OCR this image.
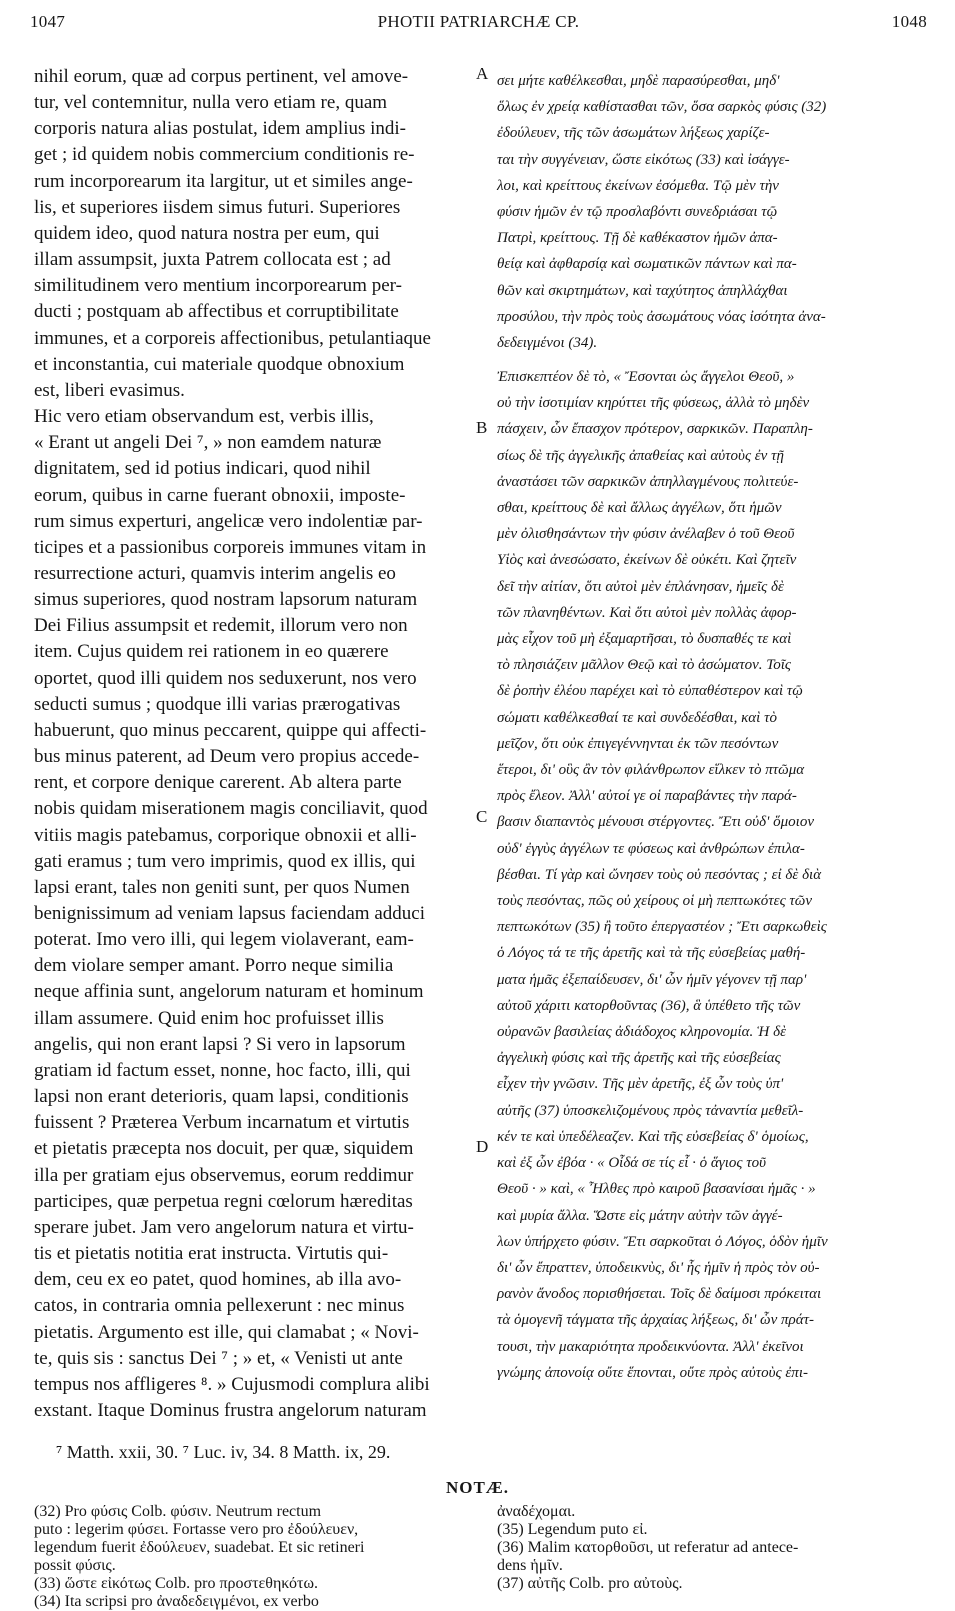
1047	PHOTII PATRIARCHÆ CP.	1048
nihil eorum, quæ ad corpus pertinent, vel amove-
tur, vel contemnitur, nulla vero etiam re, quam
corporis natura alias postulat, idem amplius indi-
get ; id quidem nobis commercium conditionis re-
rum incorporearum ita largitur, ut et similes ange-
lis, et superiores iisdem simus futuri. Superiores
quidem ideo, quod natura nostra per eum, qui
illam assumpsit, juxta Patrem collocata est ; ad
similitudinem vero mentium incorporearum per-
ducti ; postquam ab affectibus et corruptibilitate
immunes, et a corporeis affectionibus, petulantiaque
et inconstantia, cui materiale quodque obnoxium
est, liberi evasimus.
Hic vero etiam observandum est, verbis illis,
« Erant ut angeli Dei ⁷, » non eamdem naturæ
dignitatem, sed id potius indicari, quod nihil
eorum, quibus in carne fuerant obnoxii, imposte-
rum simus experturi, angelicæ vero indolentiæ par-
ticipes et a passionibus corporeis immunes vitam in
resurrectione acturi, quamvis interim angelis eo
simus superiores, quod nostram lapsorum naturam
Dei Filius assumpsit et redemit, illorum vero non
item. Cujus quidem rei rationem in eo quærere
oportet, quod illi quidem nos seduxerunt, nos vero
seducti sumus ; quodque illi varias prærogativas
habuerunt, quo minus peccarent, quippe qui affecti-
bus minus paterent, ad Deum vero propius accede-
rent, et corpore denique carerent. Ab altera parte
nobis quidam miserationem magis conciliavit, quod
vitiis magis patebamus, corporique obnoxii et alli-
gati eramus ; tum vero imprimis, quod ex illis, qui
lapsi erant, tales non geniti sunt, per quos Numen
benignissimum ad veniam lapsus faciendam adduci
poterat. Imo vero illi, qui legem violaverant, eam-
dem violare semper amant. Porro neque similia
neque affinia sunt, angelorum naturam et hominum
illam assumere. Quid enim hoc profuisset illis
angelis, qui non erant lapsi ? Si vero in lapsorum
gratiam id factum esset, nonne, hoc facto, illi, qui
lapsi non erant deterioris, quam lapsi, conditionis
fuissent ? Præterea Verbum incarnatum et virtutis
et pietatis præcepta nos docuit, per quæ, siquidem
illa per gratiam ejus observemus, eorum reddimur
participes, quæ perpetua regni cœlorum hæreditas
sperare jubet. Jam vero angelorum natura et virtu-
tis et pietatis notitia erat instructa. Virtutis qui-
dem, ceu ex eo patet, quod homines, ab illa avo-
catos, in contraria omnia pellexerunt : nec minus
pietatis. Argumento est ille, qui clamabat ; « Novi-
te, quis sis : sanctus Dei ⁷ ; » et, « Venisti ut ante
tempus nos affligeres ⁸. » Cujusmodi complura alibi
exstant. Itaque Dominus frustra angelorum naturam
σει μήτε καθέλκεσθαι, μηδὲ παρασύρεσθαι, μηδ'
ὅλως ἐν χρείᾳ καθίστασθαι τῶν, ὅσα σαρκὸς φύσις (32)
ἐδούλευεν, τῆς τῶν ἀσωμάτων λήξεως χαρίζε-
ται τὴν συγγένειαν, ὥστε εἰκότως (33) καὶ ἰσάγγε-
λοι, καὶ κρείττους ἐκείνων ἐσόμεθα. Τῷ μὲν τὴν
φύσιν ἡμῶν ἐν τῷ προσλαβόντι συνεδριάσαι τῷ
Πατρὶ, κρείττους. Τῇ δὲ καθέκαστον ἡμῶν ἀπα-
θείᾳ καὶ ἀφθαρσίᾳ καὶ σωματικῶν πάντων καὶ πα-
θῶν καὶ σκιρτημάτων, καὶ ταχύτητος ἀπηλλάχθαι
προσύλου, τὴν πρὸς τοὺς ἀσωμάτους νόας ἰσότητα ἀνα-
δεδειγμένοι (34).
Ἐπισκεπτέον δὲ τὸ, « Ἔσονται ὡς ἄγγελοι Θεοῦ, »
οὐ τὴν ἰσοτιμίαν κηρύττει τῆς φύσεως, ἀλλὰ τὸ μηδὲν
πάσχειν, ὧν ἔπασχον πρότερον, σαρκικῶν. Παραπλη-
σίως δὲ τῆς ἀγγελικῆς ἀπαθείας καὶ αὐτοὺς ἐν τῇ
ἀναστάσει τῶν σαρκικῶν ἀπηλλαγμένους πολιτεύε-
σθαι, κρείττους δὲ καὶ ἄλλως ἀγγέλων, ὅτι ἡμῶν
μὲν ὀλισθησάντων τὴν φύσιν ἀνέλαβεν ὁ τοῦ Θεοῦ
Υἱὸς καὶ ἀνεσώσατο, ἐκείνων δὲ οὐκέτι. Καὶ ζητεῖν
δεῖ τὴν αἰτίαν, ὅτι αὐτοὶ μὲν ἐπλάνησαν, ἡμεῖς δὲ
τῶν πλανηθέντων. Καὶ ὅτι αὐτοὶ μὲν πολλὰς ἀφορ-
μὰς εἶχον τοῦ μὴ ἐξαμαρτῆσαι, τὸ δυσπαθές τε καὶ
τὸ πλησιάζειν μᾶλλον Θεῷ καὶ τὸ ἀσώματον. Τοῖς
δὲ ῥοπὴν ἐλέου παρέχει καὶ τὸ εὐπαθέστερον καὶ τῷ
σώματι καθέλκεσθαί τε καὶ συνδεδέσθαι, καὶ τὸ
μεῖζον, ὅτι οὐκ ἐπιγεγέννηνται ἐκ τῶν πεσόντων
ἕτεροι, δι' οὓς ἂν τὸν φιλάνθρωπον εἵλκεν τὸ πτῶμα
πρὸς ἔλεον. Ἀλλ' αὐτοί γε οἱ παραβάντες τὴν παρά-
βασιν διαπαντὸς μένουσι στέργοντες. Ἔτι οὐδ' ὅμοιον
οὐδ' ἐγγὺς ἀγγέλων τε φύσεως καὶ ἀνθρώπων ἐπιλα-
βέσθαι. Τί γὰρ καὶ ὤνησεν τοὺς οὐ πεσόντας ; εἰ δὲ διὰ
τοὺς πεσόντας, πῶς οὐ χείρους οἱ μὴ πεπτωκότες τῶν
πεπτωκότων (35) ἢ τοῦτο ἐπεργαστέον ; Ἔτι σαρκωθεὶς
ὁ Λόγος τά τε τῆς ἀρετῆς καὶ τὰ τῆς εὐσεβείας μαθή-
ματα ἡμᾶς ἐξεπαίδευσεν, δι' ὧν ἡμῖν γέγονεν τῇ παρ'
αὐτοῦ χάριτι κατορθοῦντας (36), ἃ ὑπέθετο τῆς τῶν
οὐρανῶν βασιλείας ἀδιάδοχος κληρονομία. Ἡ δὲ
ἀγγελικὴ φύσις καὶ τῆς ἀρετῆς καὶ τῆς εὐσεβείας
εἶχεν τὴν γνῶσιν. Τῆς μὲν ἀρετῆς, ἐξ ὧν τοὺς ὑπ'
αὐτῆς (37) ὑποσκελιζομένους πρὸς τἀναντία μεθεῖλ-
κέν τε καὶ ὑπεδέλεαζεν. Καὶ τῆς εὐσεβείας δ' ὁμοίως,
καὶ ἐξ ὧν ἐβόα · « Οἶδά σε τίς εἶ · ὁ ἅγιος τοῦ
Θεοῦ · » καὶ, « Ἦλθες πρὸ καιροῦ βασανίσαι ἡμᾶς · »
καὶ μυρία ἄλλα. Ὥστε εἰς μάτην αὐτὴν τῶν ἀγγέ-
λων ὑπήρχετο φύσιν. Ἔτι σαρκοῦται ὁ Λόγος, ὁδὸν ἡμῖν
δι' ὧν ἔπραττεν, ὑποδεικνὺς, δι' ἧς ἡμῖν ἡ πρὸς τὸν οὐ-
ρανὸν ἄνοδος πορισθήσεται. Τοῖς δὲ δαίμοσι πρόκειται
τὰ ὁμογενῆ τάγματα τῆς ἀρχαίας λήξεως, δι' ὧν πράτ-
τουσι, τὴν μακαριότητα προδεικνύοντα. Ἀλλ' ἐκεῖνοι
γνώμης ἀπονοίᾳ οὔτε ἕπονται, οὔτε πρὸς αὐτοὺς ἐπι-
A
B
C
D
⁷ Matth. xxii, 30. ⁷ Luc. iv, 34. 8 Matth. ix, 29.
NOTÆ.
(32) Pro φύσις Colb. φύσιν. Neutrum rectum
puto : legerim φύσει. Fortasse vero pro ἐδούλευεν,
legendum fuerit ἐδούλευεν, suadebat. Et sic retineri
possit φύσις.
(33) ὥστε εἰκότως Colb. pro προστεθηκότω.
(34) Ita scripsi pro ἀναδεδειγμένοι, ex verbo
ἀναδέχομαι.
(35) Legendum puto εἰ.
(36) Malim κατορθοῦσι, ut referatur ad antece-
dens ἡμῖν.
(37) αὐτῆς Colb. pro αὐτοὺς.
